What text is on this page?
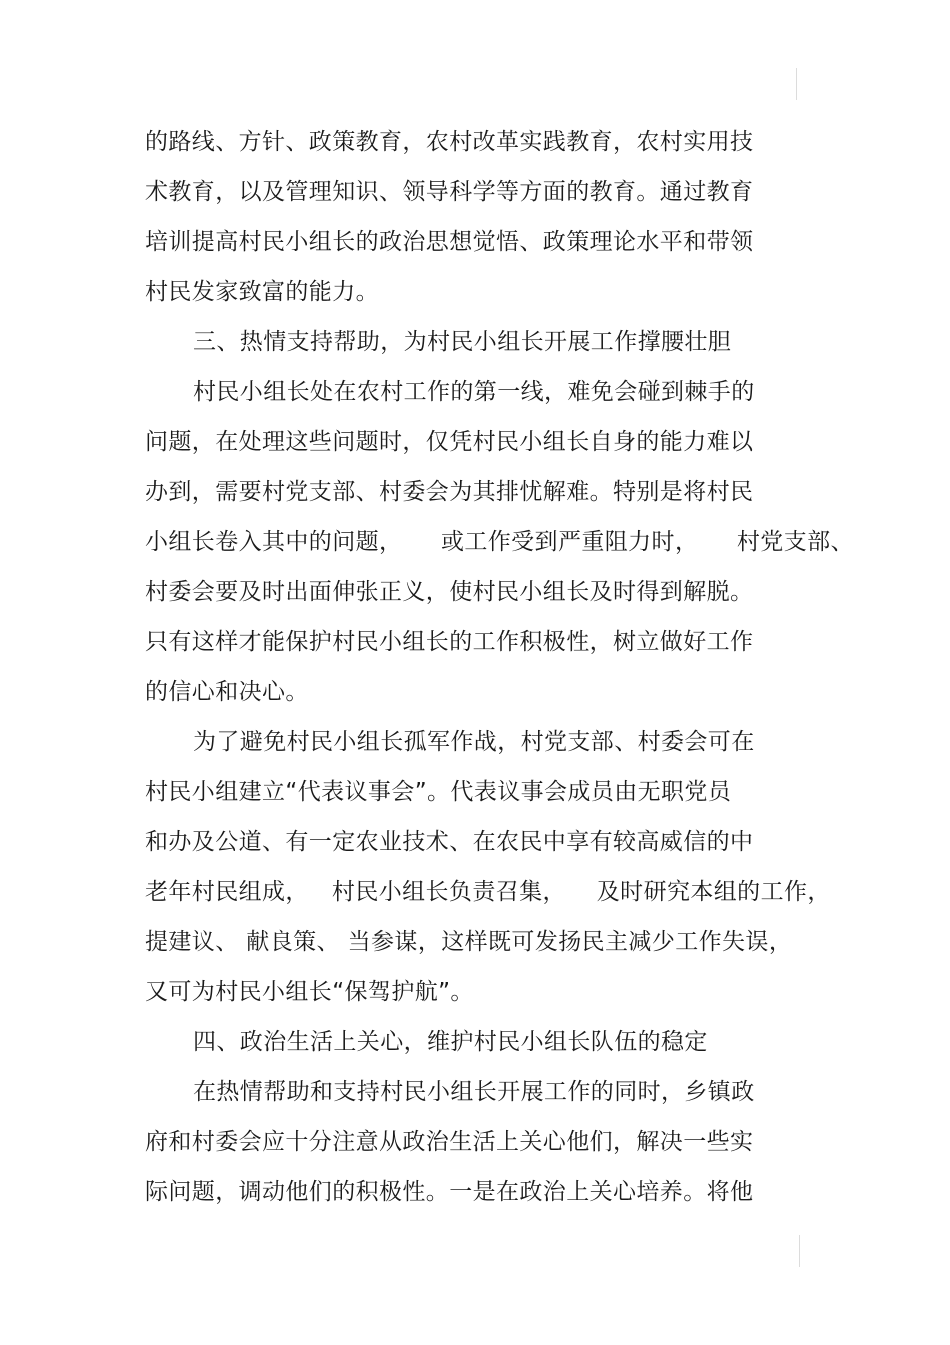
的路线、方针、政策教育，农村改革实践教育，农村实用技
术教育，以及管理知识、领导科学等方面的教育。通过教育
培训提高村民小组长的政治思想觉悟、政策理论水平和带领
村民发家致富的能力。
三、热情支持帮助，为村民小组长开展工作撑腰壮胆
村民小组长处在农村工作的第一线，难免会碰到棘手的
问题，在处理这些问题时，仅凭村民小组长自身的能力难以
办到，需要村党支部、村委会为其排忧解难。特别是将村民
小组长卷入其中的问题，     或工作受到严重阻力时，     村党支部、
村委会要及时出面伸张正义，使村民小组长及时得到解脱。
只有这样才能保护村民小组长的工作积极性，树立做好工作
的信心和决心。
为了避免村民小组长孤军作战，村党支部、村委会可在
村民小组建立“代表议事会”。代表议事会成员由无职党员
和办及公道、有一定农业技术、在农民中享有较高威信的中
老年村民组成，   村民小组长负责召集，    及时研究本组的工作，
提建议、 献良策、 当参谋，这样既可发扬民主减少工作失误，
又可为村民小组长“保驾护航”。
四、政治生活上关心，维护村民小组长队伍的稳定
在热情帮助和支持村民小组长开展工作的同时，乡镇政
府和村委会应十分注意从政治生活上关心他们，解决一些实
际问题，调动他们的积极性。一是在政治上关心培养。将他
